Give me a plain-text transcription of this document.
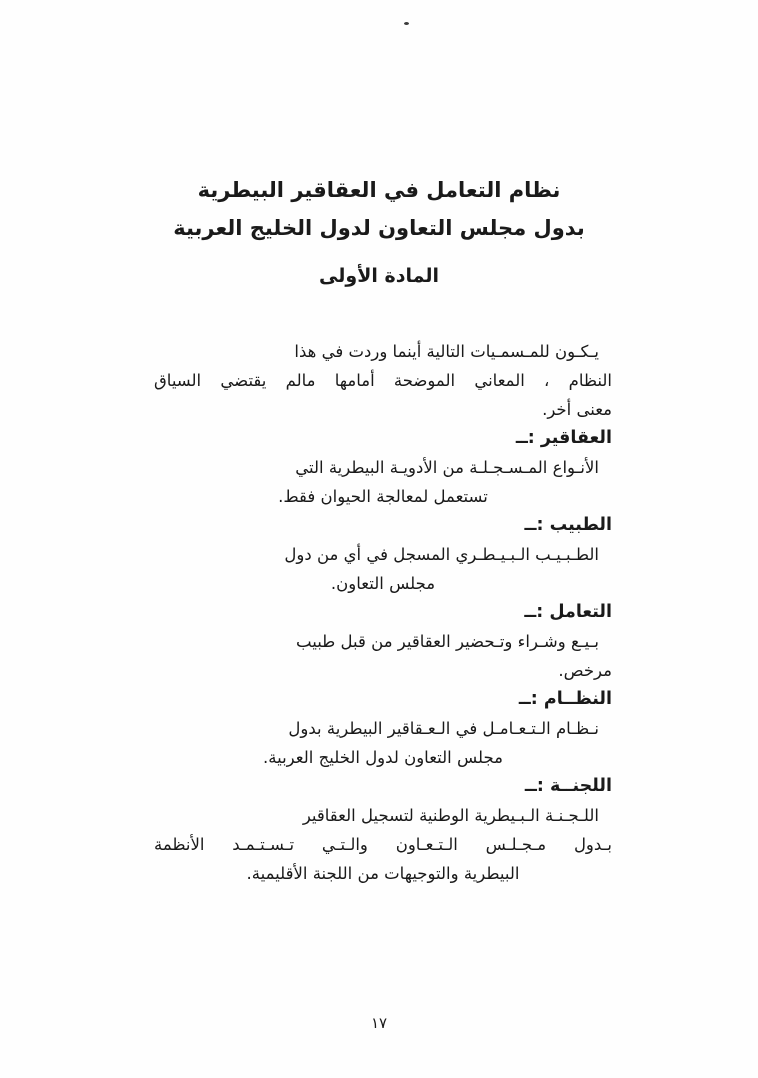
نظام التعامل في العقاقير البيطرية
بدول مجلس التعاون لدول الخليج العربية
المادة الأولى
يـكـون للمـسمـيات التالية أينما وردت في هذا
النظام ، المعاني الموضحة أمامها مالم يقتضي السياق
معنى أخر.
العقاقير :ــ
الأنـواع المـسـجـلـة من الأدويـة البيطرية التي
تستعمل لمعالجة الحيوان فقط.
الطبيب :ــ
الطـبـيـب الـبـيـطـري المسجل في أي من دول
مجلس التعاون.
التعامل :ــ
بـيـع وشـراء وتـحضير العقاقير من قبل طبيب
مرخص.
النظــام :ــ
نـظـام الـتـعـامـل في الـعـقاقير البيطرية بدول
مجلس التعاون لدول الخليج العربية.
اللجنــة :ــ
اللـجـنـة الـبـيطرية الوطنية لتسجيل العقاقير
بـدول مـجـلـس الـتـعـاون والـتـي تـسـتـمـد الأنظمة
البيطرية والتوجيهات من اللجنة الأقليمية.
١٧
